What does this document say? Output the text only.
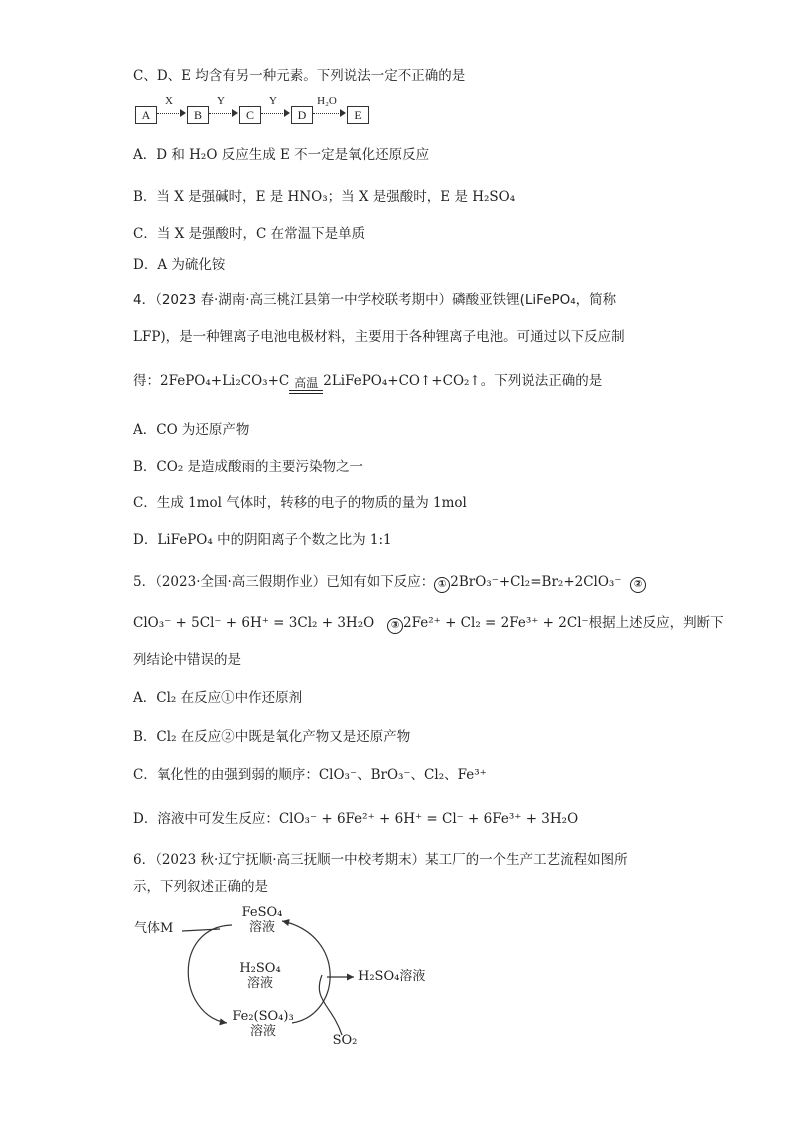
C、D、E 均含有另一种元素。下列说法一定不正确的是
A
X
B
Y
C
Y
D
H₂O
E
A．D 和 H₂O 反应生成 E 不一定是氧化还原反应
B．当 X 是强碱时，E 是 HNO₃；当 X 是强酸时，E 是 H₂SO₄
C．当 X 是强酸时，C 在常温下是单质
D．A 为硫化铵
4．（2023 春·湖南·高三桃江县第一中学校联考期中）磷酸亚铁锂(LiFePO₄，简称
LFP)，是一种锂离子电池电极材料，主要用于各种锂离子电池。可通过以下反应制
得：2FePO₄+Li₂CO₃+C 高温 2LiFePO₄+CO↑+CO₂↑。下列说法正确的是
A．CO 为还原产物
B．CO₂ 是造成酸雨的主要污染物之一
C．生成 1mol 气体时，转移的电子的物质的量为 1mol
D．LiFePO₄ 中的阴阳离子个数之比为 1:1
5．（2023·全国·高三假期作业）已知有如下反应： ① 2BrO₃⁻+Cl₂=Br₂+2ClO₃⁻ ②
ClO₃⁻ + 5Cl⁻ + 6H⁺ = 3Cl₂ + 3H₂O ③ 2Fe²⁺ + Cl₂ = 2Fe³⁺ + 2Cl⁻根据上述反应，判断下
列结论中错误的是
A．Cl₂ 在反应①中作还原剂
B．Cl₂ 在反应②中既是氧化产物又是还原产物
C．氧化性的由强到弱的顺序：ClO₃⁻、BrO₃⁻、Cl₂、Fe³⁺
D．溶液中可发生反应：ClO₃⁻ + 6Fe²⁺ + 6H⁺ = Cl⁻ + 6Fe³⁺ + 3H₂O
6．（2023 秋·辽宁抚顺·高三抚顺一中校考期末）某工厂的一个生产工艺流程如图所
示，下列叙述正确的是
FeSO₄
溶液
气体M
H₂SO₄
溶液	H₂SO₄溶液
Fe₂(SO₄)₃
溶液
SO₂
